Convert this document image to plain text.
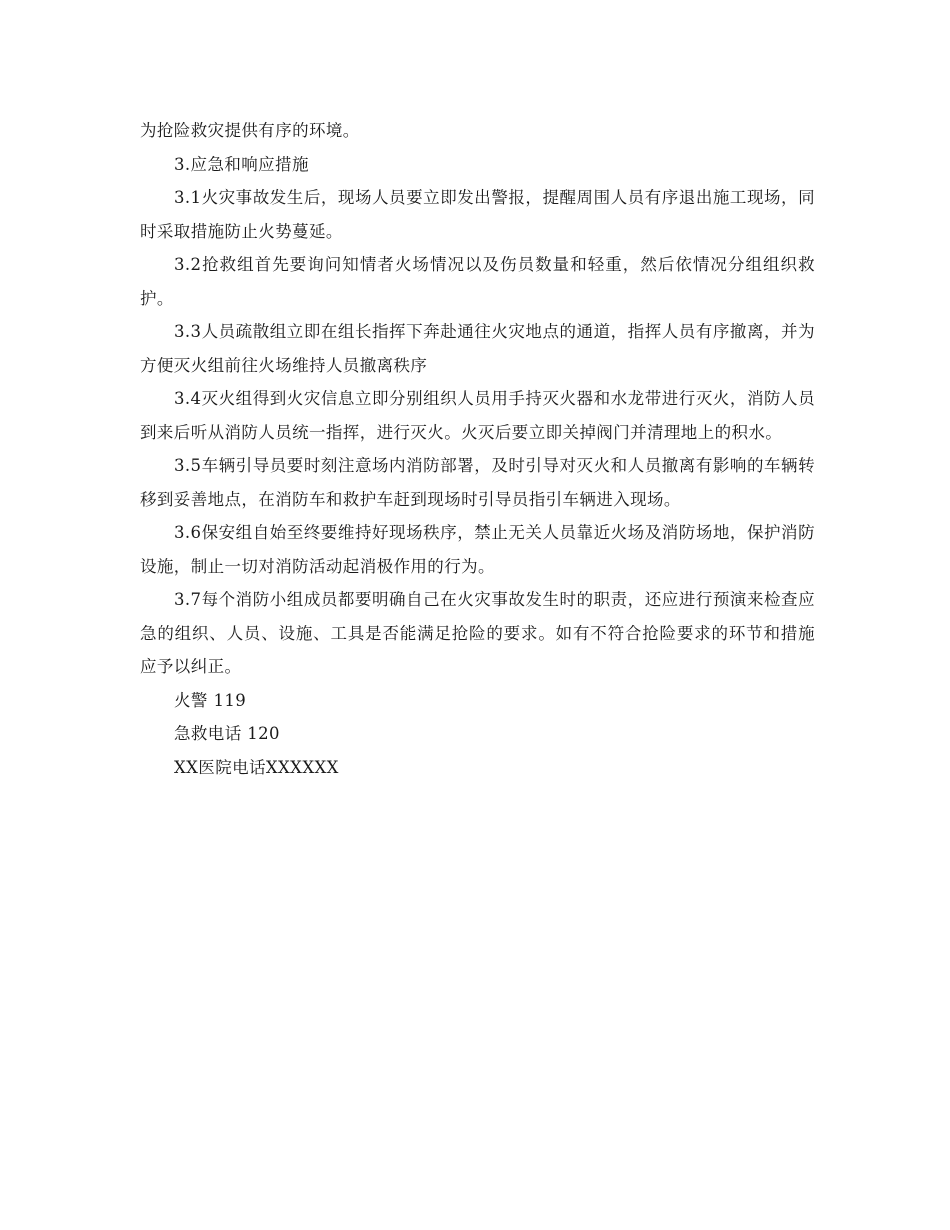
为抢险救灾提供有序的环境。

3.应急和响应措施

3.1火灾事故发生后，现场人员要立即发出警报，提醒周围人员有序退出施工现场，同时采取措施防止火势蔓延。

3.2抢救组首先要询问知情者火场情况以及伤员数量和轻重，然后依情况分组组织救护。

3.3人员疏散组立即在组长指挥下奔赴通往火灾地点的通道，指挥人员有序撤离，并为方便灭火组前往火场维持人员撤离秩序

3.4灭火组得到火灾信息立即分别组织人员用手持灭火器和水龙带进行灭火，消防人员到来后听从消防人员统一指挥，进行灭火。火灭后要立即关掉阀门并清理地上的积水。

3.5车辆引导员要时刻注意场内消防部署，及时引导对灭火和人员撤离有影响的车辆转移到妥善地点，在消防车和救护车赶到现场时引导员指引车辆进入现场。

3.6保安组自始至终要维持好现场秩序，禁止无关人员靠近火场及消防场地，保护消防设施，制止一切对消防活动起消极作用的行为。

3.7每个消防小组成员都要明确自己在火灾事故发生时的职责，还应进行预演来检查应急的组织、人员、设施、工具是否能满足抢险的要求。如有不符合抢险要求的环节和措施应予以纠正。

火警 119

急救电话 120

XX医院电话XXXXXX
